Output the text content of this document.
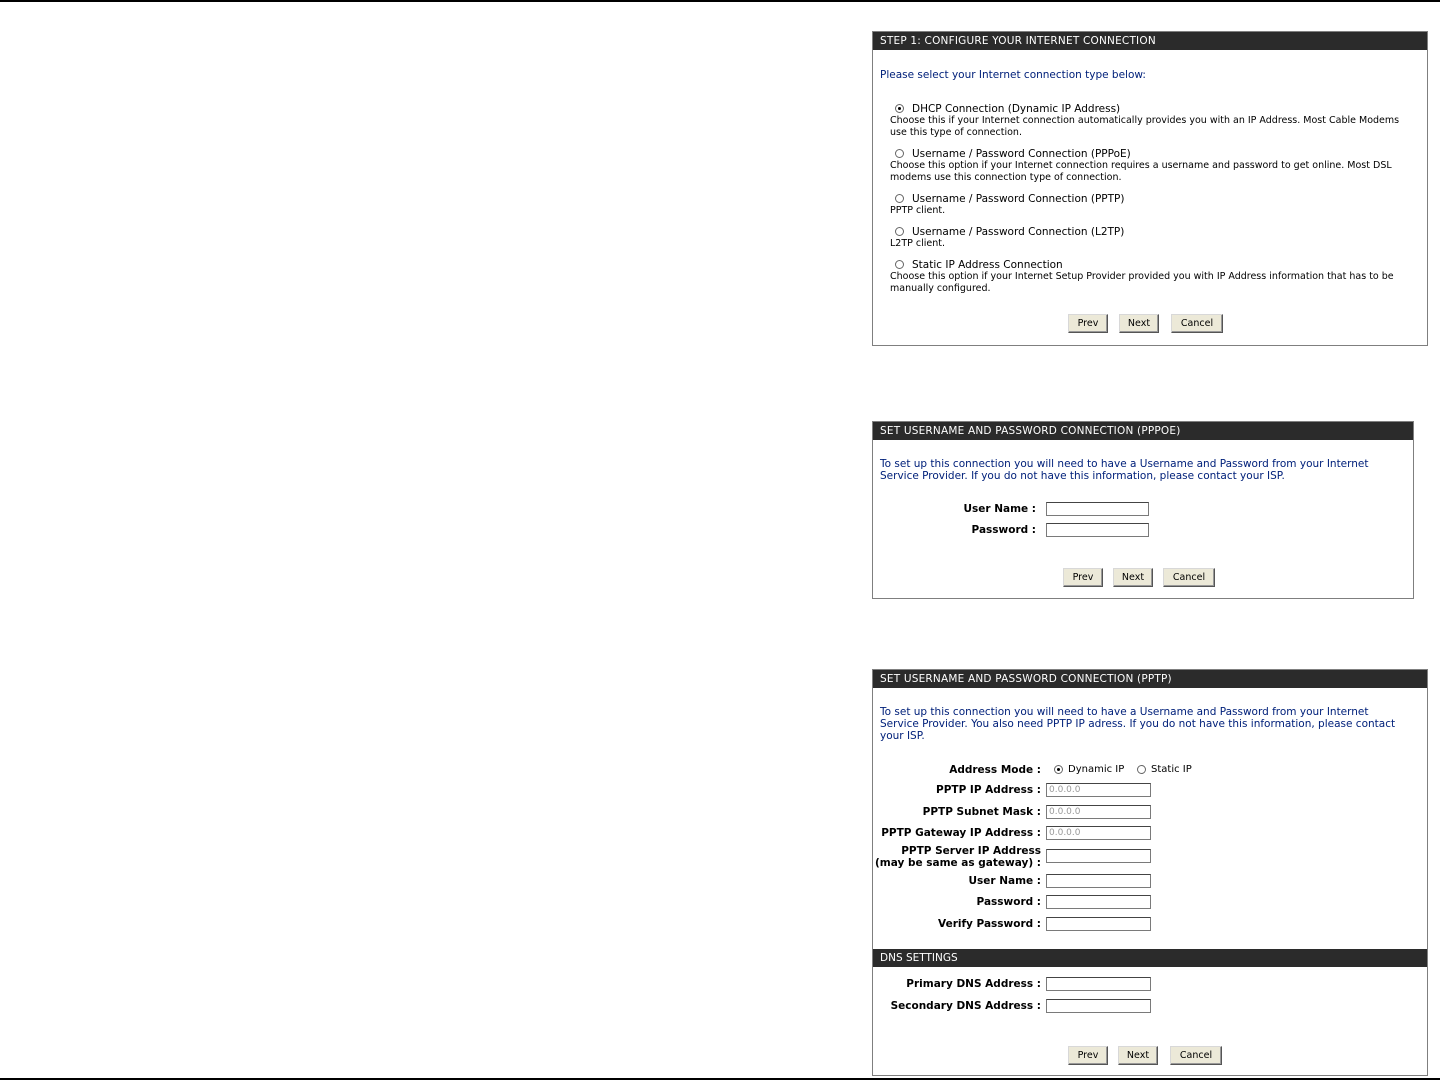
STEP 1: CONFIGURE YOUR INTERNET CONNECTION
Please select your Internet connection type below:
DHCP Connection (Dynamic IP Address)
Choose this if your Internet connection automatically provides you with an IP Address. Most Cable Modems use this type of connection.
Username / Password Connection (PPPoE)
Choose this option if your Internet connection requires a username and password to get online. Most DSL modems use this connection type of connection.
Username / Password Connection (PPTP)
PPTP client.
Username / Password Connection (L2TP)
L2TP client.
Static IP Address Connection
Choose this option if your Internet Setup Provider provided you with IP Address information that has to be manually configured.
Prev	Next	Cancel
SET USERNAME AND PASSWORD CONNECTION (PPPOE)
To set up this connection you will need to have a Username and Password from your Internet Service Provider. If you do not have this information, please contact your ISP.
User Name :
Password :
Prev	Next	Cancel
SET USERNAME AND PASSWORD CONNECTION (PPTP)
To set up this connection you will need to have a Username and Password from your Internet Service Provider. You also need PPTP IP adress. If you do not have this information, please contact your ISP.
Address Mode :	Dynamic IP	Static IP
PPTP IP Address :
0.0.0.0
PPTP Subnet Mask :
0.0.0.0
PPTP Gateway IP Address :
0.0.0.0
PPTP Server IP Address
(may be same as gateway) :
User Name :
Password :
Verify Password :
DNS SETTINGS
Primary DNS Address :
Secondary DNS Address :
Prev	Next	Cancel
